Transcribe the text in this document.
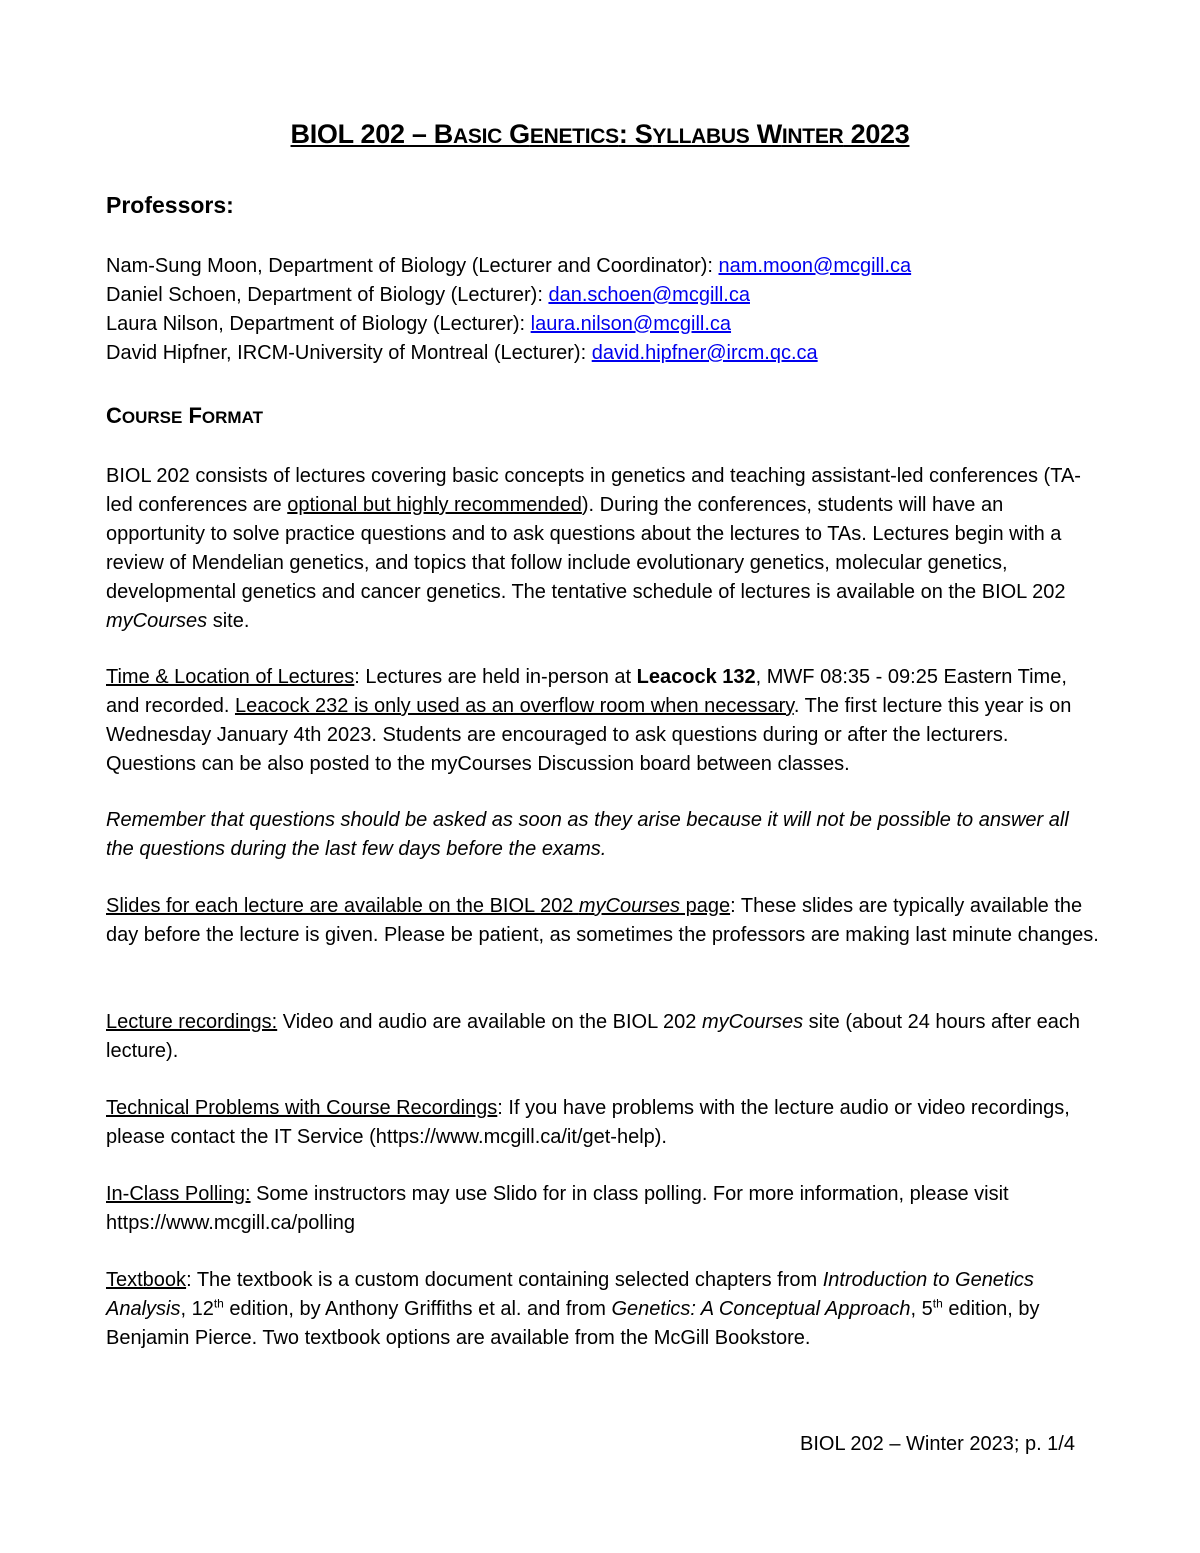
BIOL 202 – BASIC GENETICS: SYLLABUS WINTER 2023
Professors:
Nam-Sung Moon, Department of Biology (Lecturer and Coordinator): nam.moon@mcgill.ca
Daniel Schoen, Department of Biology (Lecturer): dan.schoen@mcgill.ca
Laura Nilson, Department of Biology (Lecturer): laura.nilson@mcgill.ca
David Hipfner, IRCM-University of Montreal (Lecturer): david.hipfner@ircm.qc.ca
COURSE FORMAT

BIOL 202 consists of lectures covering basic concepts in genetics and teaching assistant-led conferences (TA-led conferences are optional but highly recommended). During the conferences, students will have an opportunity to solve practice questions and to ask questions about the lectures to TAs. Lectures begin with a review of Mendelian genetics, and topics that follow include evolutionary genetics, molecular genetics, developmental genetics and cancer genetics. The tentative schedule of lectures is available on the BIOL 202 myCourses site.

Time & Location of Lectures: Lectures are held in-person at Leacock 132, MWF 08:35 - 09:25 Eastern Time, and recorded. Leacock 232 is only used as an overflow room when necessary. The first lecture this year is on Wednesday January 4th 2023. Students are encouraged to ask questions during or after the lecturers. Questions can be also posted to the myCourses Discussion board between classes.

Remember that questions should be asked as soon as they arise because it will not be possible to answer all the questions during the last few days before the exams.

Slides for each lecture are available on the BIOL 202 myCourses page: These slides are typically available the day before the lecture is given. Please be patient, as sometimes the professors are making last minute changes.

Lecture recordings: Video and audio are available on the BIOL 202 myCourses site (about 24 hours after each lecture).

Technical Problems with Course Recordings: If you have problems with the lecture audio or video recordings, please contact the IT Service (https://www.mcgill.ca/it/get-help).

In-Class Polling: Some instructors may use Slido for in class polling. For more information, please visit https://www.mcgill.ca/polling

Textbook: The textbook is a custom document containing selected chapters from Introduction to Genetics Analysis, 12th edition, by Anthony Griffiths et al. and from Genetics: A Conceptual Approach, 5th edition, by Benjamin Pierce. Two textbook options are available from the McGill Bookstore.

BIOL 202 – Winter 2023; p. 1/4
